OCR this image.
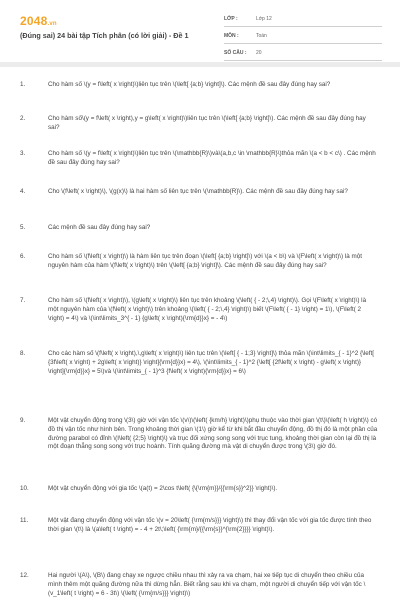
2048.vn
(Đúng sai) 24 bài tập Tích phân (có lời giải) - Đề 1
LỚP :	Lớp 12
MÔN :	Toán
SỐ CÂU :	20
1.	Cho hàm số \(y = f\left( x \right)\)liên tục trên \(\left[ {a;b} \right]\). Các mệnh đề sau đây đúng hay sai?
2.	Cho hàm số\(y = f\left( x \right),y = g\left( x \right)\)liên tục trên \(\left[ {a;b} \right]\). Các mệnh đề sau đây đúng hay sai?
3.	Cho hàm số \(y = f\left( x \right)\)liên tục trên \(\mathbb{R}\)và\(a,b,c \in \mathbb{R}\)thỏa mãn \(a < b < c\) . Các mệnh đề sau đây đúng hay sai?
4.	Cho \(f\left( x \right)\), \(g(x)\) là hai hàm số liên tục trên \(\mathbb{R}\). Các mệnh đề sau đây đúng hay sai?
5.	Các mệnh đề sau đây đúng hay sai?
6.	Cho hàm số \(f\left( x \right)\) là hàm liên tục trên đoạn \(\left[ {a;b} \right]\) với \(a < b\) và \(F\left( x \right)\) là một nguyên hàm của hàm \(f\left( x \right)\) trên \(\left[ {a;b} \right]\). Các mệnh đề sau đây đúng hay sai?
7.	Cho hàm số \(f\left( x \right)\), \(g\left( x \right)\) liên tục trên khoảng \(\left( { - 2;\,4} \right)\). Gọi \(F\left( x \right)\) là một nguyên hàm của \(f\left( x \right)\) trên khoảng \(\left( { - 2;\,4} \right)\) biết \(F\left( { - 1} \right) = 1\), \(F\left( 2 \right) = 4\) và \(\int\limits_3^{ - 1} {g\left( x \right){\rm{d}}x} = - 4\)
8.	Cho các hàm số \(f\left( x \right),\,g\left( x \right)\) liên tục trên \(\left[ { - 1;3} \right]\) thỏa mãn \(\int\limits_{ - 1}^2 {\left[ {3f\left( x \right) + 2g\left( x \right)} \right]{\rm{d}}x} = 4\), \(\int\limits_{ - 1}^2 {\left[ {2f\left( x \right) - g\left( x \right)} \right]{\rm{d}}x} = 5\)và \(\int\limits_{ - 1}^3 {f\left( x \right){\rm{d}}x} = 6\)
9.	Một vật chuyển động trong \(3\) giờ với vận tốc \(v\)\(\left( {km/h} \right)\)phụ thuộc vào thời gian \(t\)\(\left( h \right)\) có đồ thị vận tốc như hình bên. Trong khoảng thời gian \(1\) giờ kể từ khi bắt đầu chuyển động, đồ thị đó là một phần của đường parabol có đỉnh \(I\left( {2;5} \right)\) và trục đối xứng song song với trục tung, khoảng thời gian còn lại đồ thị là một đoạn thẳng song song với trục hoành. Tính quãng đường mà vật di chuyển được trong \(3\) giờ đó.
10.	Một vật chuyển động với gia tốc \(a(t) = 2\cos t\left( {\{\rm{m}}/{{\rm{s}}^2}} \right)\).
11.	Một vật đang chuyển động với vận tốc \(v = 20\left( {\rm{m/s}}} \right)\) thì thay đổi vận tốc với gia tốc được tính theo thời gian \(t\) là \(a\left( t \right) = - 4 + 2t\;\left( {\rm{m}/{{\rm{s}}^{\rm{2}}}} \right)\).
12.	Hai người \(A\), \(B\) đang chạy xe ngược chiều nhau thì xảy ra va chạm, hai xe tiếp tục di chuyển theo chiều của mình thêm một quãng đường nữa thì dừng hẳn. Biết rằng sau khi va chạm, một người di chuyển tiếp với vận tốc \(v_1\left( t \right) = 6 - 3t\) \(\left( {\rm{m/s}}} \right)\)
